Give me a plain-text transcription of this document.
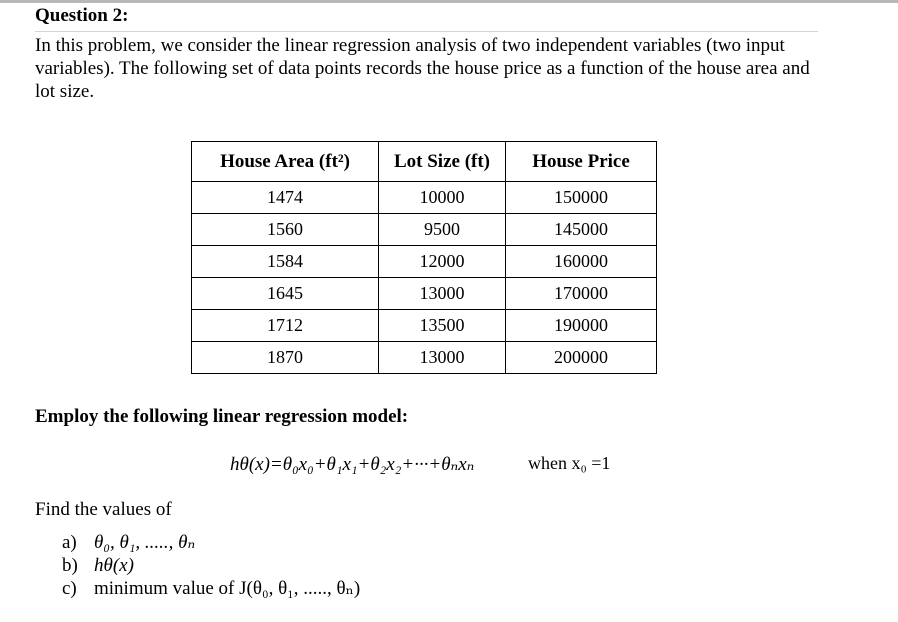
Question 2:
In this problem, we consider the linear regression analysis of two independent variables (two input variables). The following set of data points records the house price as a function of the house area and lot size.
House Area (ft²)	Lot Size (ft)	House Price
1474	10000	150000
1560	9500	145000
1584	12000	160000
1645	13000	170000
1712	13500	190000
1870	13000	200000
Employ the following linear regression model:
hθ(x)=θ₀x₀+θ₁x₁+θ₂x₂+···+θₙxₙ	when x₀ =1
Find the values of
a) θ₀, θ₁, ....., θₙ
b) hθ(x)
c) minimum value of J(θ₀, θ₁, ....., θₙ)
